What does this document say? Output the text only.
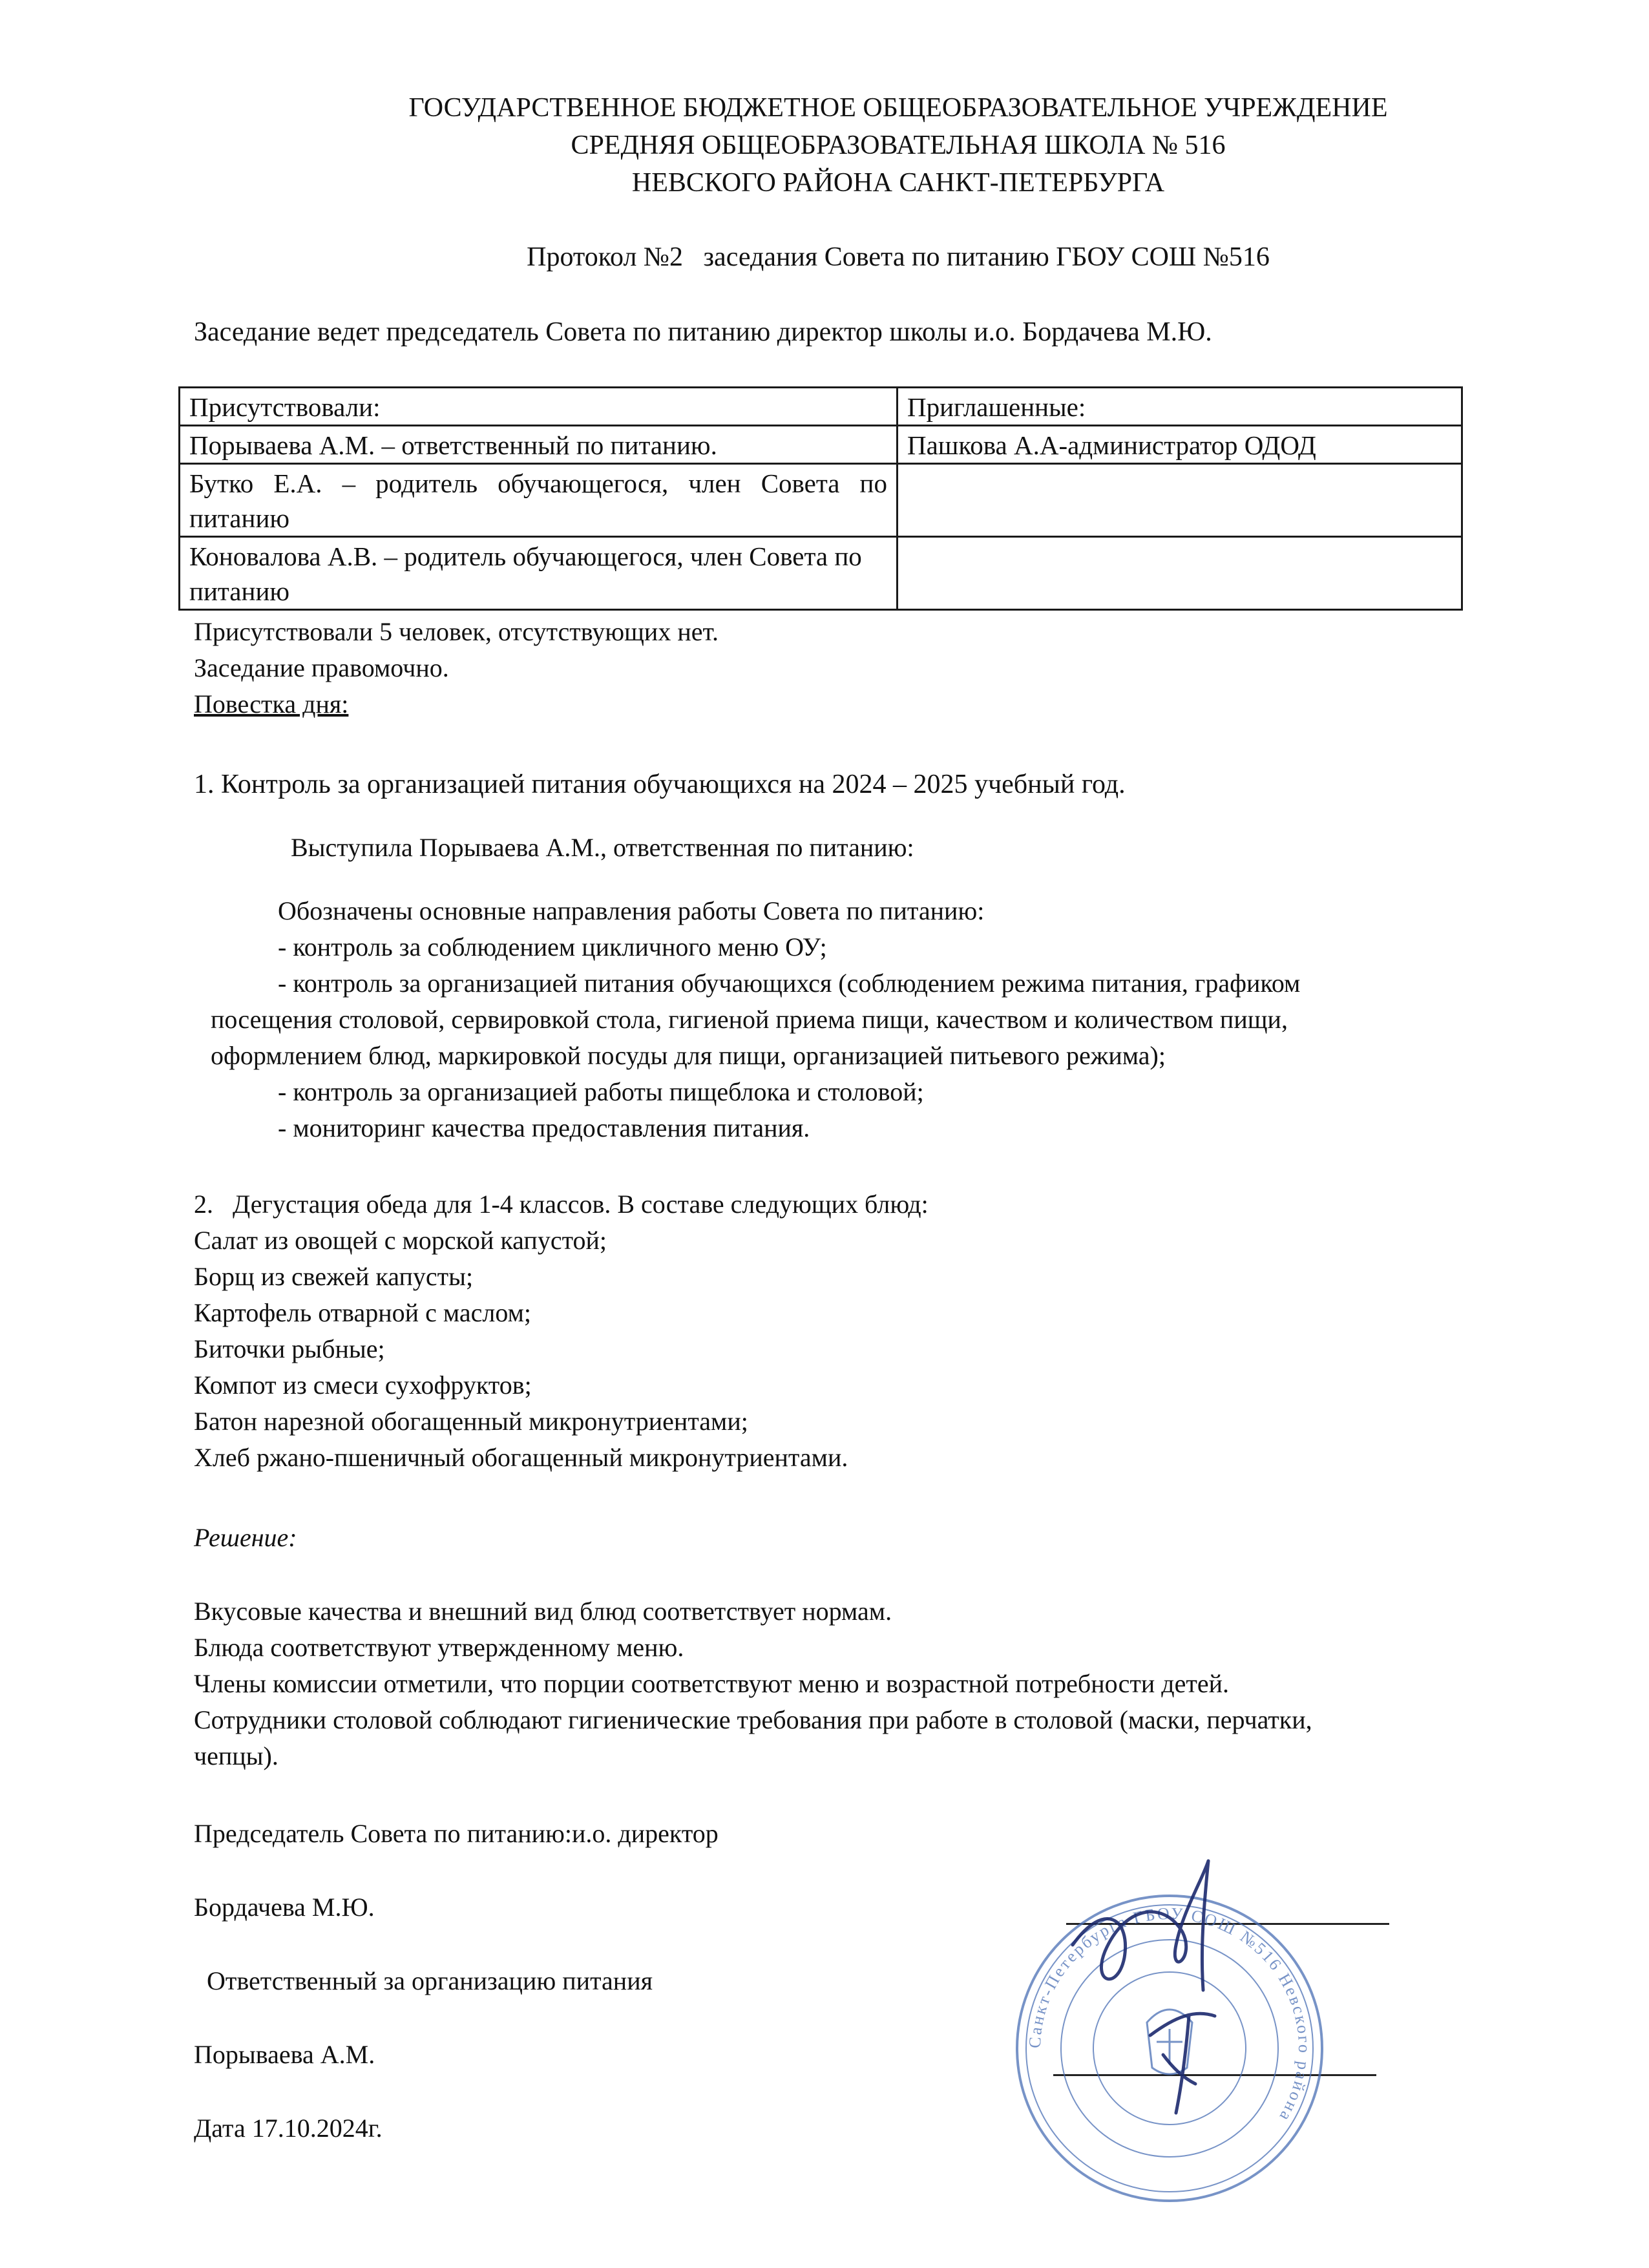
ГОСУДАРСТВЕННОЕ БЮДЖЕТНОЕ ОБЩЕОБРАЗОВАТЕЛЬНОЕ УЧРЕЖДЕНИЕ
СРЕДНЯЯ ОБЩЕОБРАЗОВАТЕЛЬНАЯ ШКОЛА № 516
НЕВСКОГО РАЙОНА САНКТ-ПЕТЕРБУРГА
Протокол №2   заседания Совета по питанию ГБОУ СОШ №516
Заседание ведет председатель Совета по питанию директор школы и.о. Бордачева М.Ю.
Присутствовали:	Приглашенные:
Порываева А.М. – ответственный по питанию.	Пашкова А.А-администратор ОДОД
Бутко Е.А. – родитель обучающегося, член Совета по питанию	
Коновалова А.В. – родитель обучающегося, член Совета по питанию	
Присутствовали 5 человек, отсутствующих нет.
Заседание правомочно.
Повестка дня:
1. Контроль за организацией питания обучающихся на 2024 – 2025 учебный год.
Выступила Порываева А.М., ответственная по питанию:
Обозначены основные направления работы Совета по питанию:
- контроль за соблюдением цикличного меню ОУ;
- контроль за организацией питания обучающихся (соблюдением режима питания, графиком
посещения столовой, сервировкой стола, гигиеной приема пищи, качеством и количеством пищи,
оформлением блюд, маркировкой посуды для пищи, организацией питьевого режима);
- контроль за организацией работы пищеблока и столовой;
- мониторинг качества предоставления питания.
2.   Дегустация обеда для 1-4 классов. В составе следующих блюд:
Салат из овощей с морской капустой;
Борщ из свежей капусты;
Картофель отварной с маслом;
Биточки рыбные;
Компот из смеси сухофруктов;
Батон нарезной обогащенный микронутриентами;
Хлеб ржано-пшеничный обогащенный микронутриентами.
Решение:
Вкусовые качества и внешний вид блюд соответствует нормам.
Блюда соответствуют утвержденному меню.
Члены комиссии отметили, что порции соответствуют меню и возрастной потребности детей.
Сотрудники столовой соблюдают гигиенические требования при работе в столовой (маски, перчатки,
чепцы).
Председатель Совета по питанию:и.о. директор
Бордачева М.Ю.
Ответственный за организацию питания
Порываева А.М.
Дата 17.10.2024г.
Санкт-Петербурга ГБОУ СОШ №516 Невского района
